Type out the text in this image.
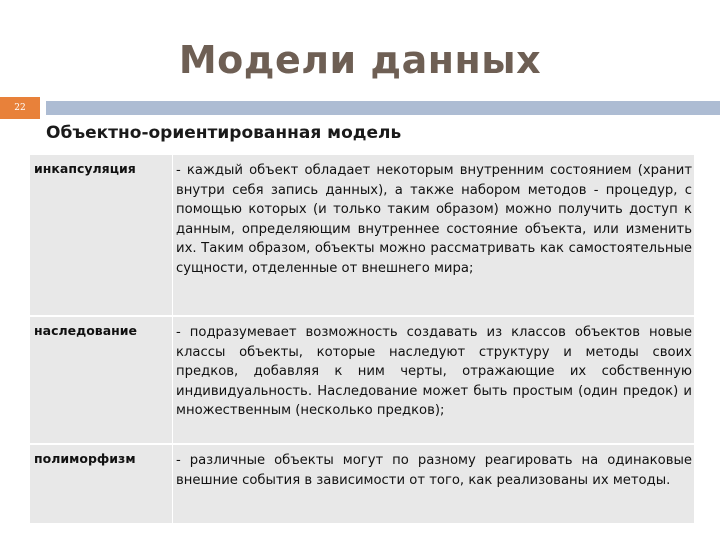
Модели данных
22
Объектно-ориентированная модель
инкапсуляция	- каждый объект обладает некоторым внутренним состоянием (хранит внутри себя запись данных), а также набором методов - процедур, с помощью которых (и только таким образом) можно получить доступ к данным, определяющим внутреннее состояние объекта, или изменить их. Таким образом, объекты можно рассматривать как самостоятельные сущности, отделенные от внешнего мира;
наследование	- подразумевает возможность создавать из классов объектов новые классы объекты, которые наследуют структуру и методы своих предков, добавляя к ним черты, отражающие их собственную индивидуальность. Наследование может быть простым (один предок) и множественным (несколько предков);
полиморфизм	- различные объекты могут по разному реагировать на одинаковые внешние события в зависимости от того, как реализованы их методы.
